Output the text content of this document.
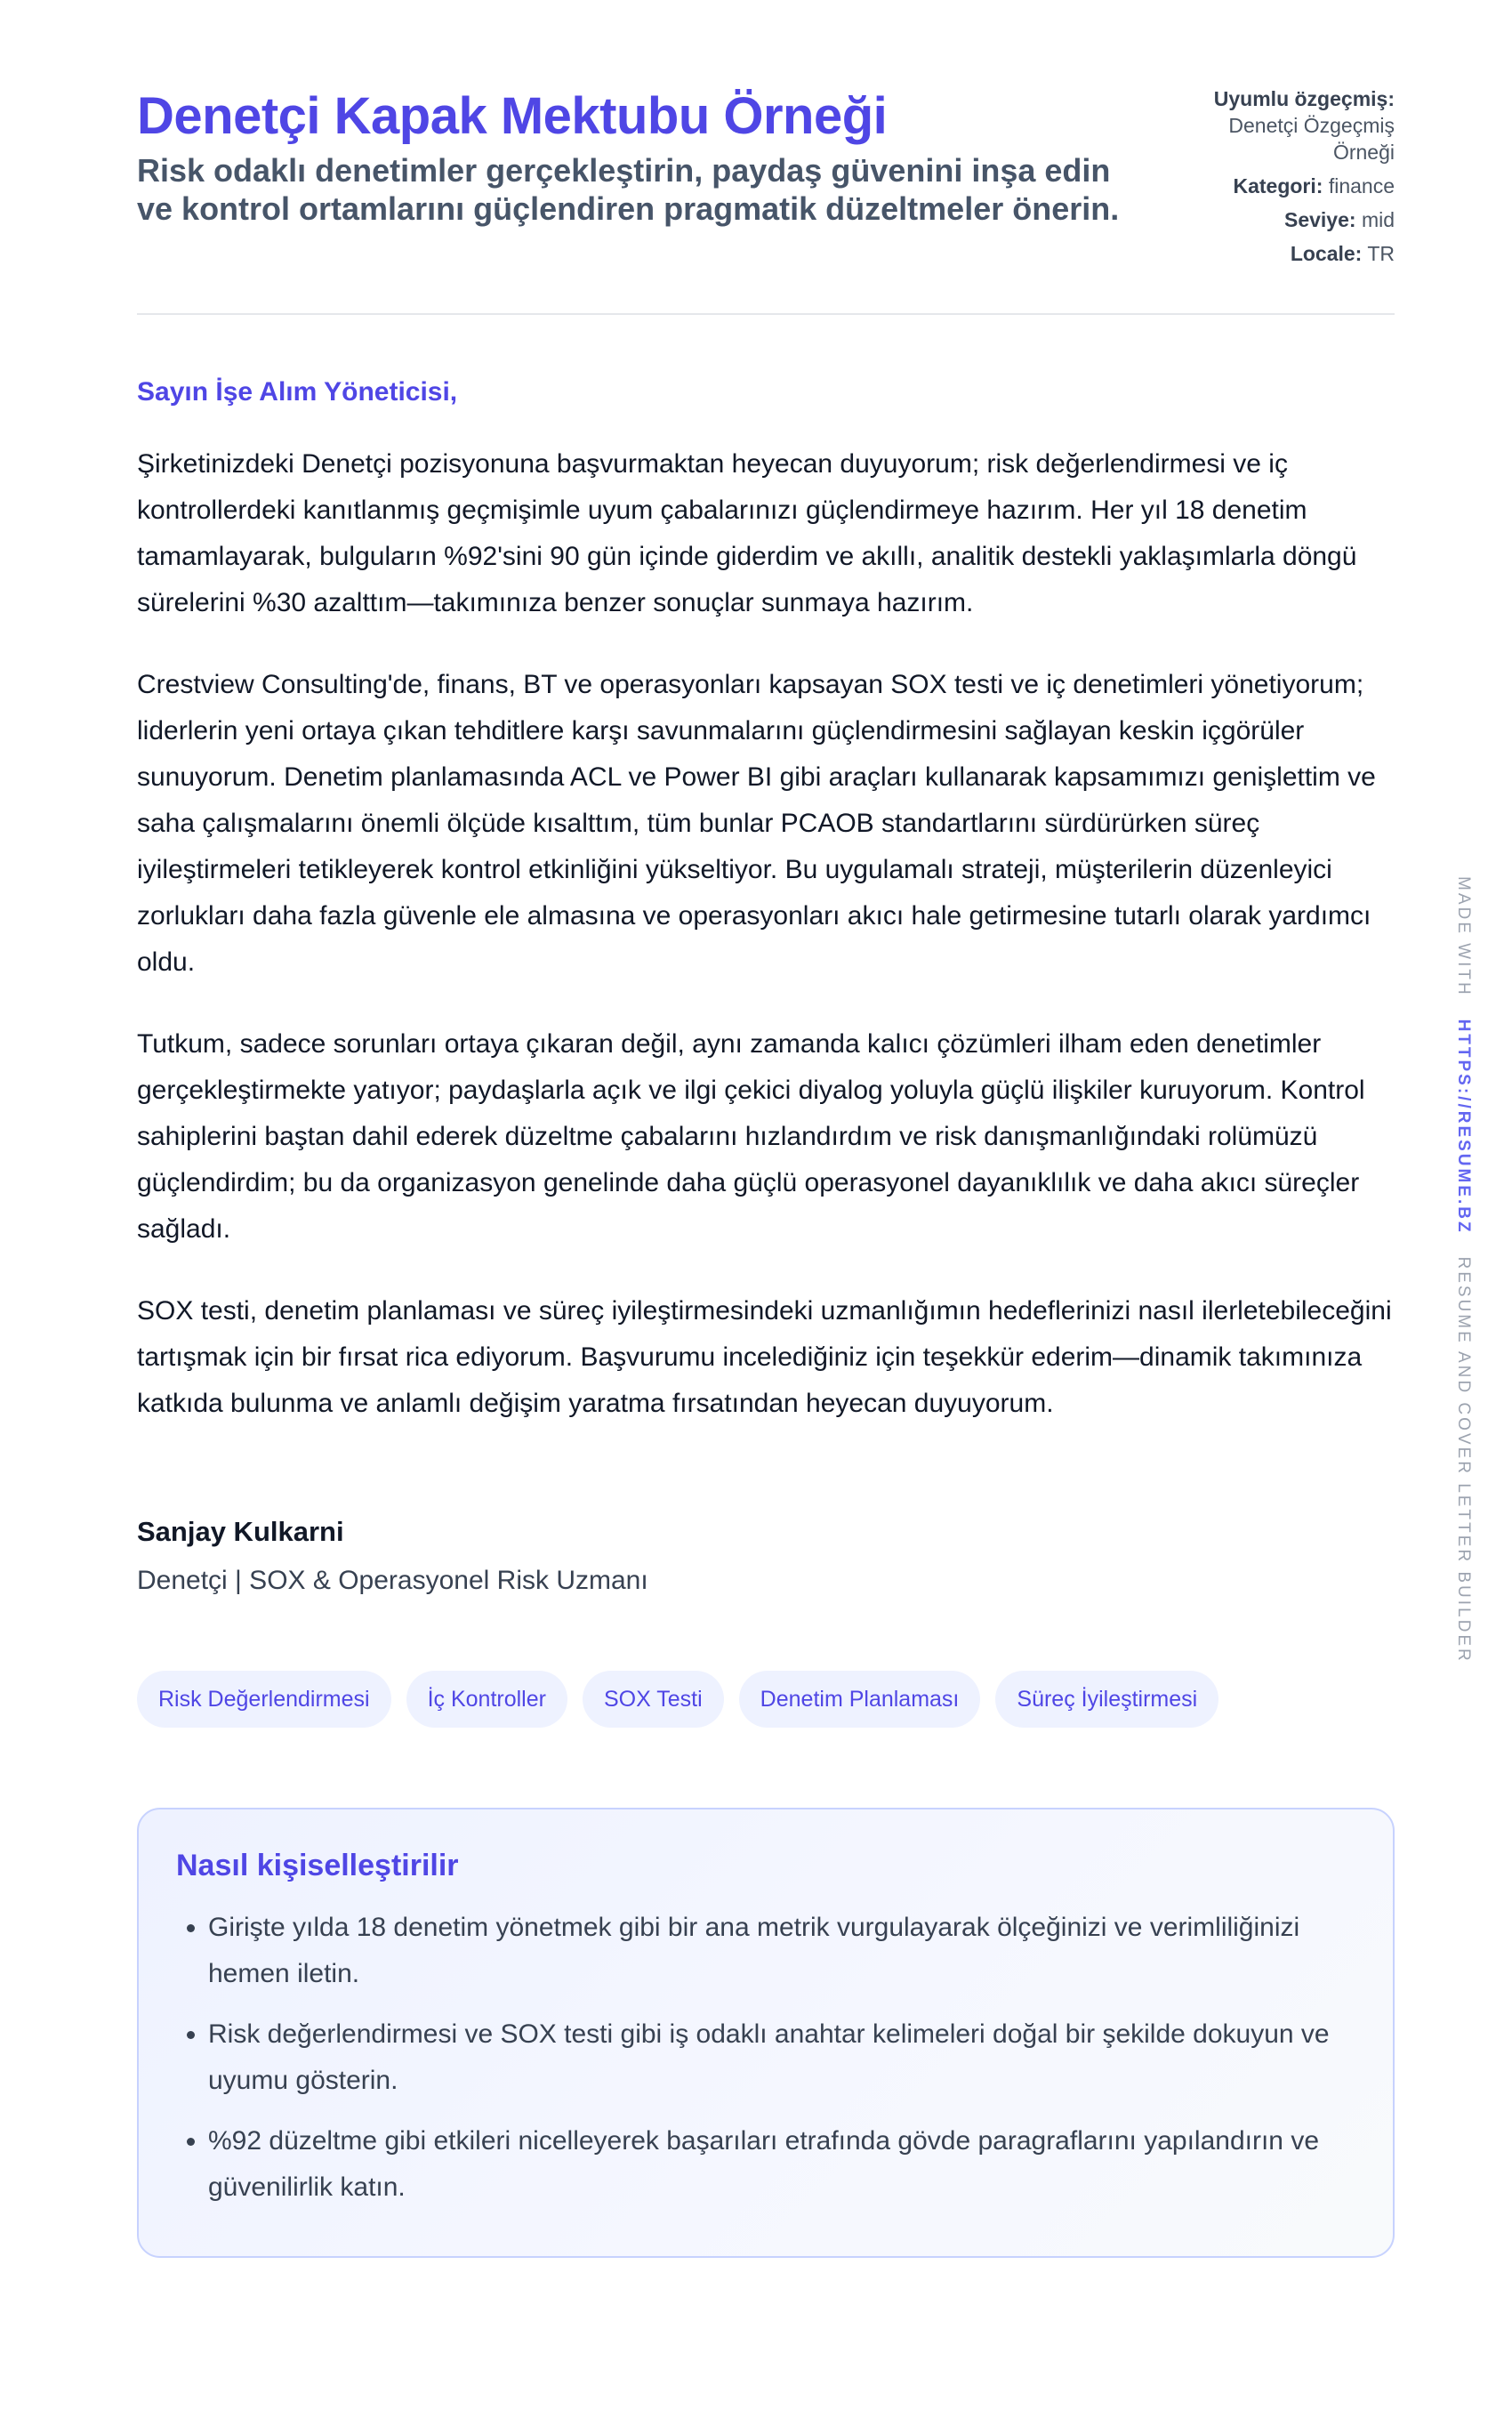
Denetçi Kapak Mektubu Örneği

Risk odaklı denetimler gerçekleştirin, paydaş güvenini inşa edin ve kontrol ortamlarını güçlendiren pragmatik düzeltmeler önerin.

Uyumlu özgeçmiş:
Denetçi Özgeçmiş Örneği
Kategori: finance
Seviye: mid
Locale: TR
Sayın İşe Alım Yöneticisi,

Şirketinizdeki Denetçi pozisyonuna başvurmaktan heyecan duyuyorum; risk değerlendirmesi ve iç kontrollerdeki kanıtlanmış geçmişimle uyum çabalarınızı güçlendirmeye hazırım. Her yıl 18 denetim tamamlayarak, bulguların %92'sini 90 gün içinde giderdim ve akıllı, analitik destekli yaklaşımlarla döngü sürelerini %30 azalttım—takımınıza benzer sonuçlar sunmaya hazırım.

Crestview Consulting'de, finans, BT ve operasyonları kapsayan SOX testi ve iç denetimleri yönetiyorum; liderlerin yeni ortaya çıkan tehditlere karşı savunmalarını güçlendirmesini sağlayan keskin içgörüler sunuyorum. Denetim planlamasında ACL ve Power BI gibi araçları kullanarak kapsamımızı genişlettim ve saha çalışmalarını önemli ölçüde kısalttım, tüm bunlar PCAOB standartlarını sürdürürken süreç iyileştirmeleri tetikleyerek kontrol etkinliğini yükseltiyor. Bu uygulamalı strateji, müşterilerin düzenleyici zorlukları daha fazla güvenle ele almasına ve operasyonları akıcı hale getirmesine tutarlı olarak yardımcı oldu.

Tutkum, sadece sorunları ortaya çıkaran değil, aynı zamanda kalıcı çözümleri ilham eden denetimler gerçekleştirmekte yatıyor; paydaşlarla açık ve ilgi çekici diyalog yoluyla güçlü ilişkiler kuruyorum. Kontrol sahiplerini baştan dahil ederek düzeltme çabalarını hızlandırdım ve risk danışmanlığındaki rolümüzü güçlendirdim; bu da organizasyon genelinde daha güçlü operasyonel dayanıklılık ve daha akıcı süreçler sağladı.

SOX testi, denetim planlaması ve süreç iyileştirmesindeki uzmanlığımın hedeflerinizi nasıl ilerletebileceğini tartışmak için bir fırsat rica ediyorum. Başvurumu incelediğiniz için teşekkür ederim—dinamik takımınıza katkıda bulunma ve anlamlı değişim yaratma fırsatından heyecan duyuyorum.

Sanjay Kulkarni
Denetçi | SOX & Operasyonel Risk Uzmanı
Risk Değerlendirmesi	İç Kontroller	SOX Testi	Denetim Planlaması	Süreç İyileştirmesi
Nasıl kişiselleştirilir
• Girişte yılda 18 denetim yönetmek gibi bir ana metrik vurgulayarak ölçeğinizi ve verimliliğinizi hemen iletin.
• Risk değerlendirmesi ve SOX testi gibi iş odaklı anahtar kelimeleri doğal bir şekilde dokuyun ve uyumu gösterin.
• %92 düzeltme gibi etkileri nicelleyerek başarıları etrafında gövde paragraflarını yapılandırın ve güvenilirlik katın.
MADE WITH   HTTPS://RESUME.BZ   RESUME AND COVER LETTER BUILDER
